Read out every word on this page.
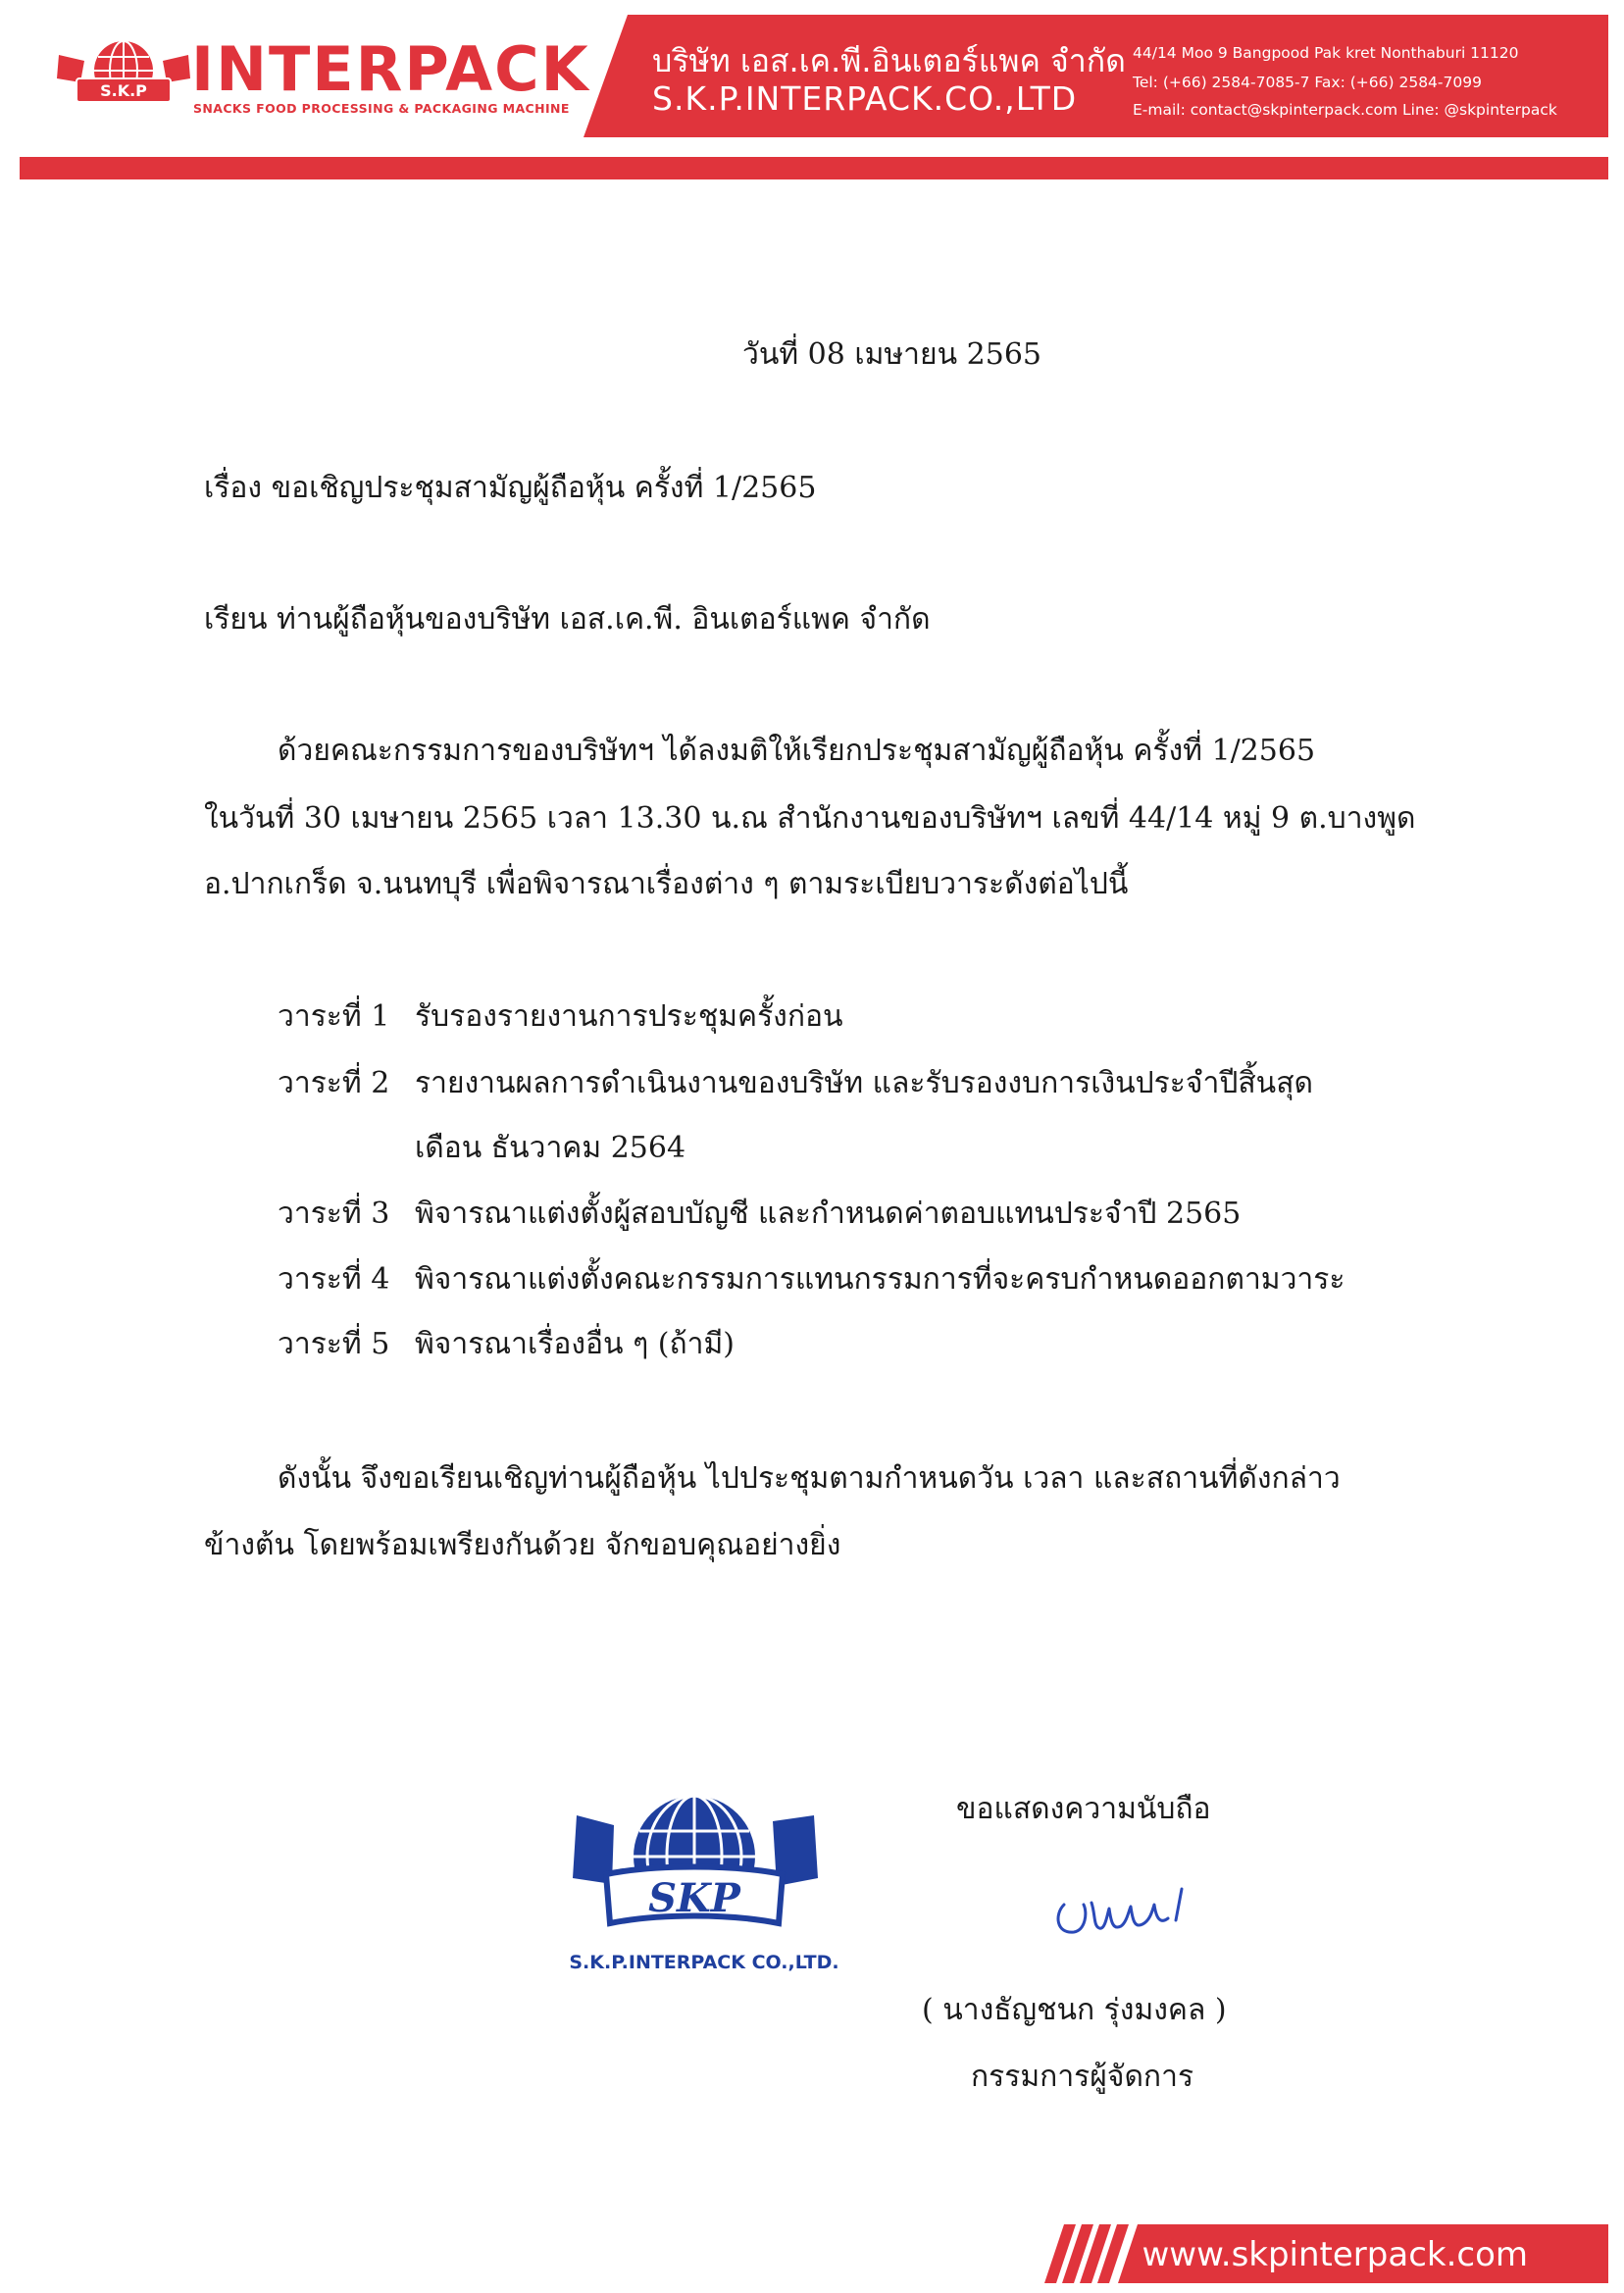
S.K.P INTERPACK
SNACKS FOOD PROCESSING & PACKAGING MACHINE
บริษัท เอส.เค.พี.อินเตอร์แพค จำกัด
S.K.P.INTERPACK.CO.,LTD
44/14 Moo 9 Bangpood Pak kret Nonthaburi 11120
Tel: (+66) 2584-7085-7 Fax: (+66) 2584-7099
E-mail: contact@skpinterpack.com Line: @skpinterpack
วันที่ 08 เมษายน 2565
เรื่อง ขอเชิญประชุมสามัญผู้ถือหุ้น ครั้งที่ 1/2565
เรียน ท่านผู้ถือหุ้นของบริษัท เอส.เค.พี. อินเตอร์แพค จำกัด
ด้วยคณะกรรมการของบริษัทฯ ได้ลงมติให้เรียกประชุมสามัญผู้ถือหุ้น ครั้งที่ 1/2565
ในวันที่ 30 เมษายน 2565 เวลา 13.30 น.ณ สำนักงานของบริษัทฯ เลขที่ 44/14 หมู่ 9 ต.บางพูด
อ.ปากเกร็ด จ.นนทบุรี เพื่อพิจารณาเรื่องต่าง ๆ ตามระเบียบวาระดังต่อไปนี้
วาระที่ 1 รับรองรายงานการประชุมครั้งก่อน
วาระที่ 2 รายงานผลการดำเนินงานของบริษัท และรับรองงบการเงินประจำปีสิ้นสุด
เดือน ธันวาคม 2564
วาระที่ 3 พิจารณาแต่งตั้งผู้สอบบัญชี และกำหนดค่าตอบแทนประจำปี 2565
วาระที่ 4 พิจารณาแต่งตั้งคณะกรรมการแทนกรรมการที่จะครบกำหนดออกตามวาระ
วาระที่ 5 พิจารณาเรื่องอื่น ๆ (ถ้ามี)
ดังนั้น จึงขอเรียนเชิญท่านผู้ถือหุ้น ไปประชุมตามกำหนดวัน เวลา และสถานที่ดังกล่าว
ข้างต้น โดยพร้อมเพรียงกันด้วย จักขอบคุณอย่างยิ่ง
ขอแสดงความนับถือ
( นางธัญชนก รุ่งมงคล )
กรรมการผู้จัดการ
SKP
S.K.P.INTERPACK CO.,LTD.
www.skpinterpack.com
